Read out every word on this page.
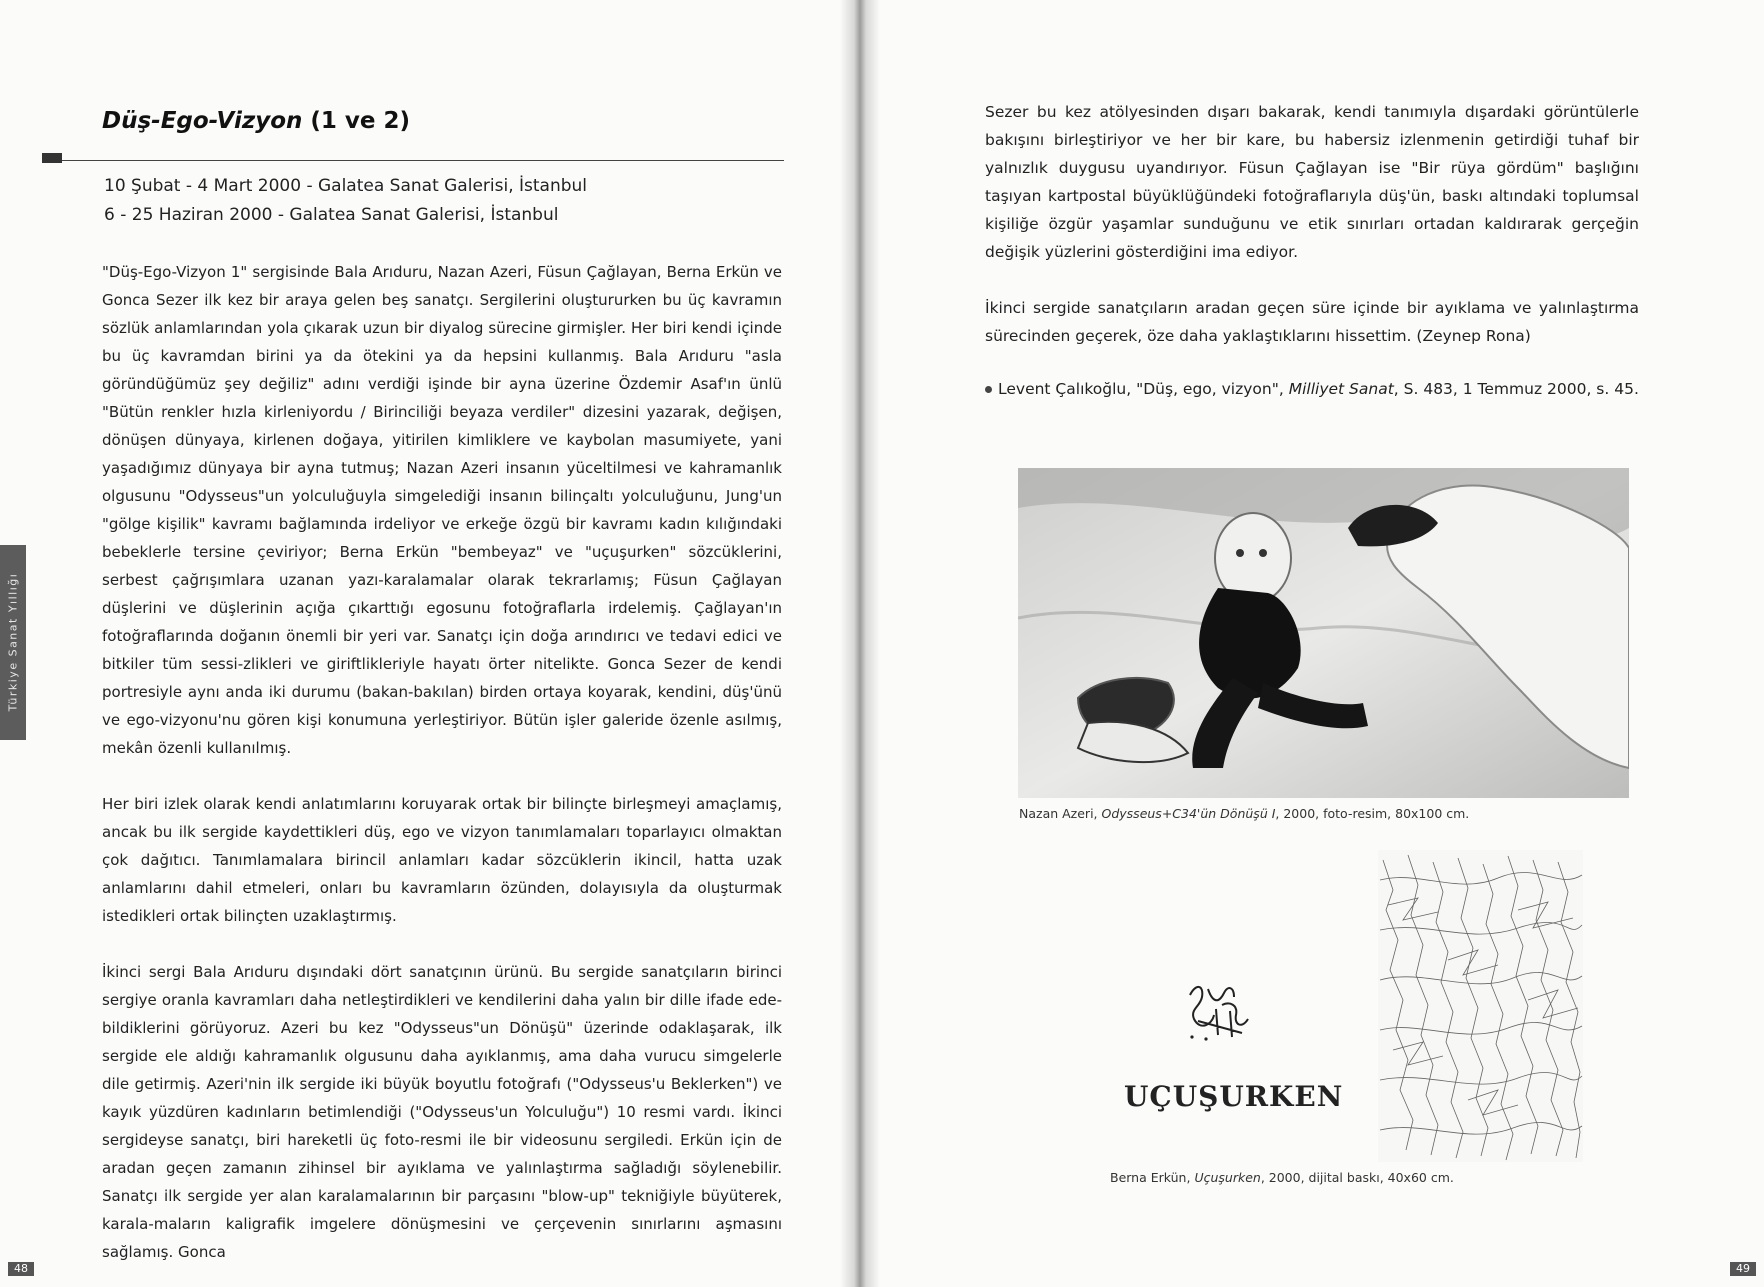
Türkiye Sanat Yıllığı
Düş-Ego-Vizyon (1 ve 2)
10 Şubat - 4 Mart 2000 - Galatea Sanat Galerisi, İstanbul
6 - 25 Haziran 2000 - Galatea Sanat Galerisi, İstanbul

"Düş-Ego-Vizyon 1" sergisinde Bala Arıduru, Nazan Azeri, Füsun Çağlayan, Berna Erkün ve Gonca Sezer ilk kez bir araya gelen beş sanatçı. Sergilerini oluştururken bu üç kavramın sözlük anlamlarından yola çıkarak uzun bir diyalog sürecine girmişler. Her biri kendi içinde bu üç kavramdan birini ya da ötekini ya da hepsini kullanmış. Bala Arıduru "asla göründüğümüz şey değiliz" adını verdiği işinde bir ayna üzerine Özdemir Asaf'ın ünlü "Bütün renkler hızla kirleniyordu / Birinciliği beyaza verdiler" dizesini yazarak, değişen, dönüşen dünyaya, kirlenen doğaya, yitirilen kimliklere ve kaybolan masumiyete, yani yaşadığımız dünyaya bir ayna tutmuş; Nazan Azeri insanın yüceltilmesi ve kahramanlık olgusunu "Odysseus"un yolculuğuyla simgelediği insanın bilinçaltı yolculuğunu, Jung'un "gölge kişilik" kavramı bağlamında irdeliyor ve erkeğe özgü bir kavramı kadın kılığındaki bebeklerle tersine çeviriyor; Berna Erkün "bembeyaz" ve "uçuşurken" sözcüklerini, serbest çağrışımlara uzanan yazı-karalamalar olarak tekrarlamış; Füsun Çağlayan düşlerini ve düşlerinin açığa çıkarttığı egosunu fotoğraflarla irdelemiş. Çağlayan'ın fotoğraflarında doğanın önemli bir yeri var. Sanatçı için doğa arındırıcı ve tedavi edici ve bitkiler tüm sessi-zlikleri ve giriftlikleriyle hayatı örter nitelikte. Gonca Sezer de kendi portresiyle aynı anda iki durumu (bakan-bakılan) birden ortaya koyarak, kendini, düş'ünü ve ego-vizyonu'nu gören kişi konumuna yerleştiriyor. Bütün işler galeride özenle asılmış, mekân özenli kullanılmış.

Her biri izlek olarak kendi anlatımlarını koruyarak ortak bir bilinçte birleşmeyi amaçlamış, ancak bu ilk sergide kaydettikleri düş, ego ve vizyon tanımlamaları toparlayıcı olmaktan çok dağıtıcı. Tanımlamalara birincil anlamları kadar sözcüklerin ikincil, hatta uzak anlamlarını dahil etmeleri, onları bu kavramların özünden, dolayısıyla da oluşturmak istedikleri ortak bilinçten uzaklaştırmış.

İkinci sergi Bala Arıduru dışındaki dört sanatçının ürünü. Bu sergide sanatçıların birinci sergiye oranla kavramları daha netleştirdikleri ve kendilerini daha yalın bir dille ifade ede-bildiklerini görüyoruz. Azeri bu kez "Odysseus"un Dönüşü" üzerinde odaklaşarak, ilk sergide ele aldığı kahramanlık olgusunu daha ayıklanmış, ama daha vurucu simgelerle dile getirmiş. Azeri'nin ilk sergide iki büyük boyutlu fotoğrafı ("Odysseus'u Beklerken") ve kayık yüzdüren kadınların betimlendiği ("Odysseus'un Yolculuğu") 10 resmi vardı. İkinci sergideyse sanatçı, biri hareketli üç foto-resmi ile bir videosunu sergiledi. Erkün için de aradan geçen zamanın zihinsel bir ayıklama ve yalınlaştırma sağladığı söylenebilir. Sanatçı ilk sergide yer alan karalamalarının bir parçasını "blow-up" tekniğiyle büyüterek, karala-maların kaligrafik imgelere dönüşmesini ve çerçevenin sınırlarını aşmasını sağlamış. Gonca

48

Sezer bu kez atölyesinden dışarı bakarak, kendi tanımıyla dışardaki görüntülerle bakışını birleştiriyor ve her bir kare, bu habersiz izlenmenin getirdiği tuhaf bir yalnızlık duygusu uyandırıyor. Füsun Çağlayan ise "Bir rüya gördüm" başlığını taşıyan kartpostal büyüklüğündeki fotoğraflarıyla düş'ün, baskı altındaki toplumsal kişiliğe özgür yaşamlar sunduğunu ve etik sınırları ortadan kaldırarak gerçeğin değişik yüzlerini gösterdiğini ima ediyor.

İkinci sergide sanatçıların aradan geçen süre içinde bir ayıklama ve yalınlaştırma sürecinden geçerek, öze daha yaklaştıklarını hissettim. (Zeynep Rona)

Levent Çalıkoğlu, "Düş, ego, vizyon", Milliyet Sanat, S. 483, 1 Temmuz 2000, s. 45.
Nazan Azeri, Odysseus+C34'ün Dönüşü I, 2000, foto-resim, 80x100 cm.
UÇUŞURKEN
Berna Erkün, Uçuşurken, 2000, dijital baskı, 40x60 cm.
49
